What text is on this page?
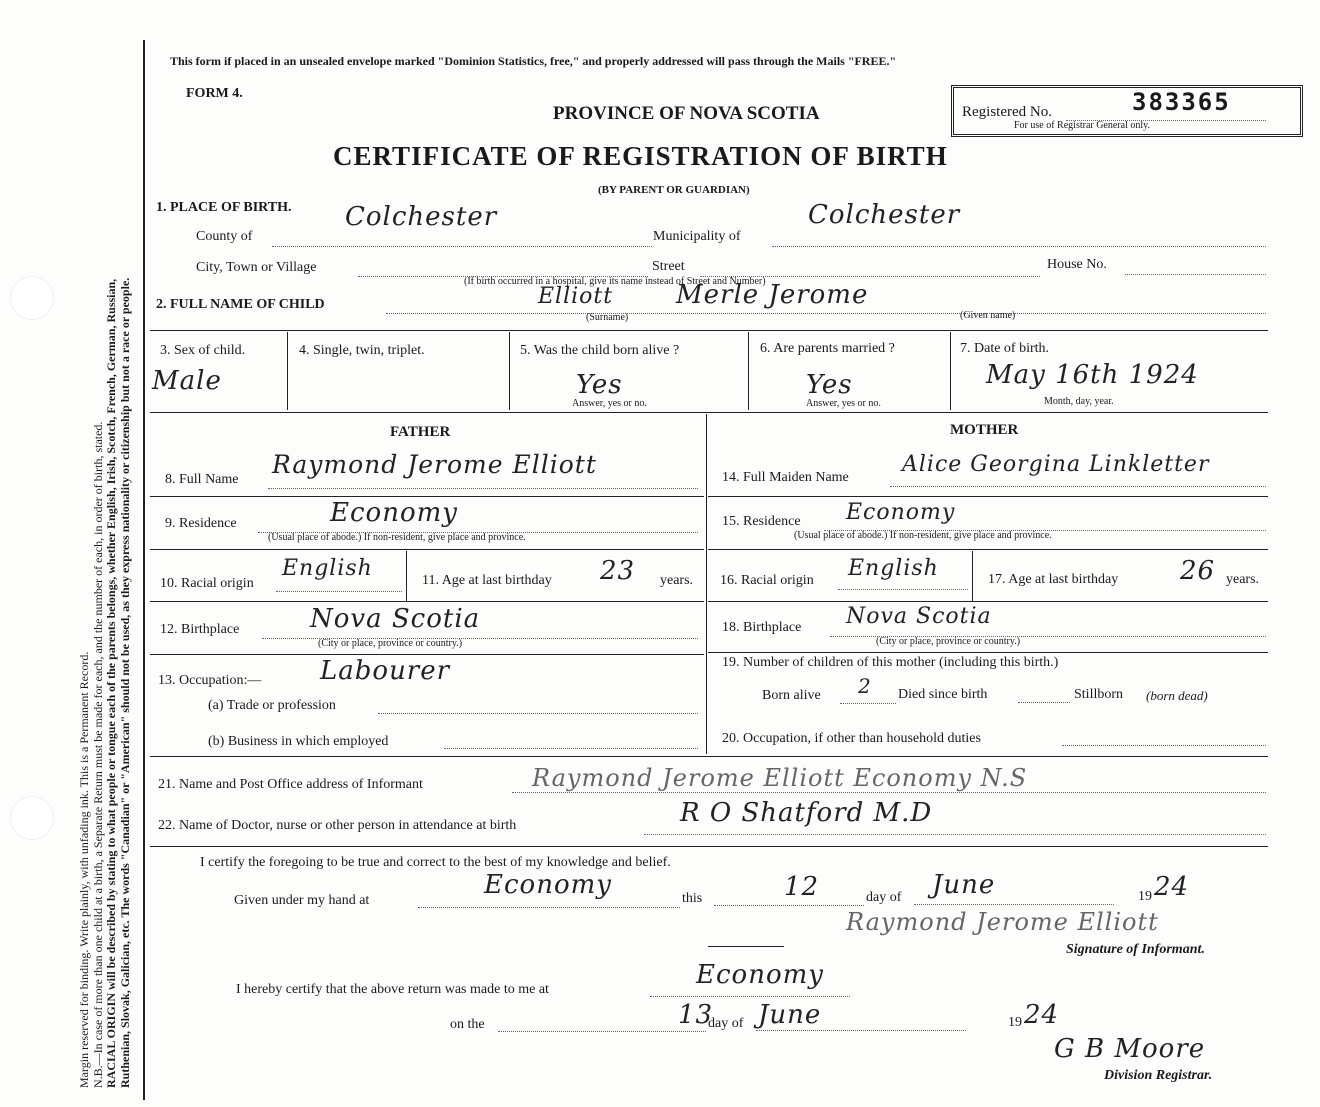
Margin reserved for binding. Write plainly, with unfading ink. This is a Permanent Record. N.B.—In case of more than one child at a birth, a Separate Return must be made for each, and the number of each, in order of birth, stated. RACIAL ORIGIN will be described by stating to what people or tongue each of the parents belongs, whether English, Irish, Scotch, French, German, Russian, Ruthenian, Slovak, Galician, etc. The words "Canadian" or "American" should not be used, as they express nationality or citizenship but not a race or people.
This form if placed in an unsealed envelope marked "Dominion Statistics, free," and properly addressed will pass through the Mails "FREE."
FORM 4.
PROVINCE OF NOVA SCOTIA
CERTIFICATE OF REGISTRATION OF BIRTH
(BY PARENT OR GUARDIAN)
Registered No.	383365
For use of Registrar General only.
1. PLACE OF BIRTH.
County of
Colchester
Municipality of
Colchester
City, Town or Village	Street	House No.
(If birth occurred in a hospital, give its name instead of Street and Number)
2. FULL NAME OF CHILD	Elliott Merle Jerome
(Surname)	(Given name)
3. Sex of child.
Male
4. Single, twin, triplet.	5. Was the child born alive ?
Yes
Answer, yes or no.
6. Are parents married ?
Yes
Answer, yes or no.
7. Date of birth.
May 16th 1924
Month, day, year.
FATHER
8. Full Name
Raymond Jerome Elliott
9. Residence	Economy
(Usual place of abode.) If non-resident, give place and province.
10. Racial origin
English	11. Age at last birthday 23 years.
12. Birthplace	Nova Scotia
(City or place, province or country.)
13. Occupation:— Labourer
(a) Trade or profession
(b) Business in which employed
MOTHER
14. Full Maiden Name
Alice Georgina Linkletter
15. Residence Economy
(Usual place of abode.) If non-resident, give place and province.
16. Racial origin English	17. Age at last birthday 26 years.
18. Birthplace Nova Scotia
(City or place, province or country.)
19. Number of children of this mother (including this birth.)
Born alive 2 Died since birth	Stillborn (born dead)
20. Occupation, if other than household duties
21. Name and Post Office address of Informant	Raymond Jerome Elliott Economy N.S
22. Name of Doctor, nurse or other person in attendance at birth	R O Shatford M.D
I certify the foregoing to be true and correct to the best of my knowledge and belief.
Given under my hand at
Economy	this	12	day of June	19 24
Raymond Jerome Elliott
Signature of Informant.
I hereby certify that the above return was made to me at	Economy
on the	13
day of June	19 24
G B Moore
Division Registrar.
